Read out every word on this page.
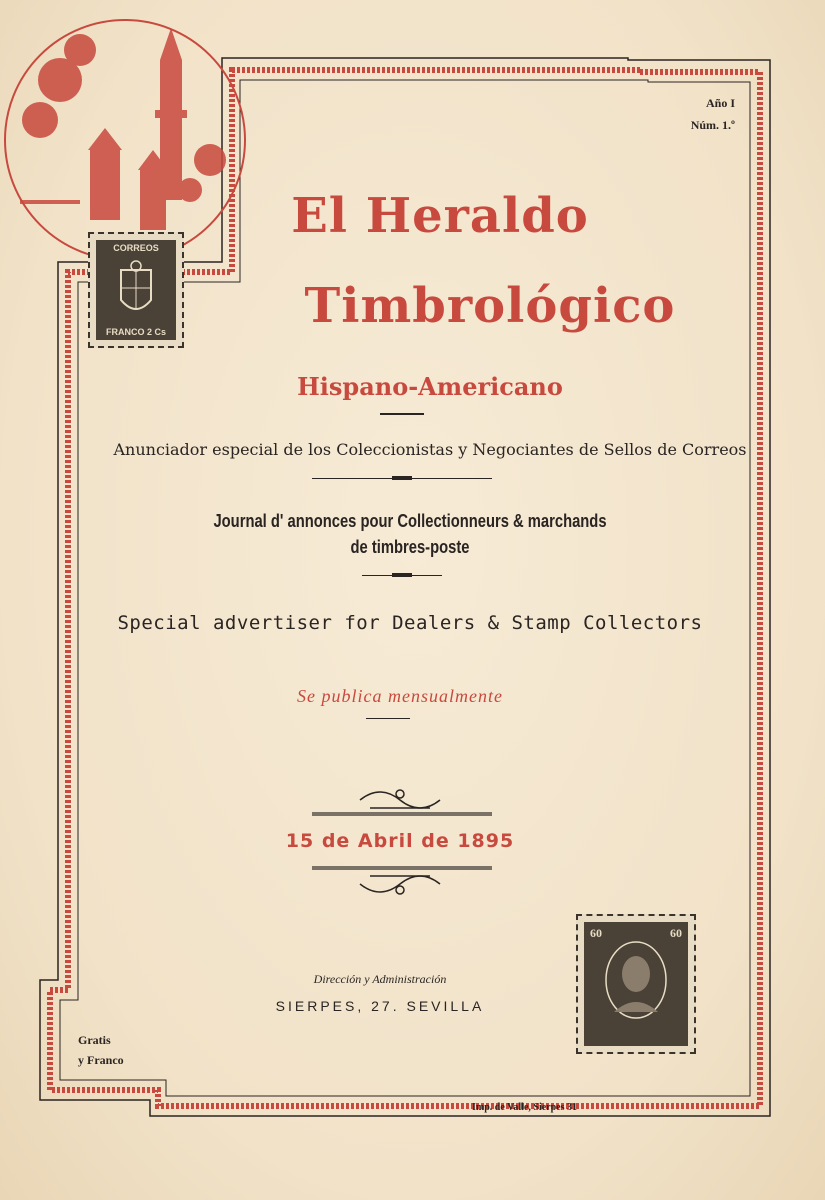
CORREOS
FRANCO 2 Cs
60	60
Año I
Núm. 1.º
El Heraldo
Timbrológico
Hispano-Americano
Anunciador especial de los Coleccionistas y Negociantes de Sellos de Correos
Journal d' annonces pour Collectionneurs & marchands
de timbres-poste
Special advertiser for Dealers & Stamp Collectors
Se publica mensualmente
15 de Abril de 1895
Dirección y Administración
SIERPES, 27. SEVILLA
Gratis
y Franco
Imp. de Valle, Sierpes 31
